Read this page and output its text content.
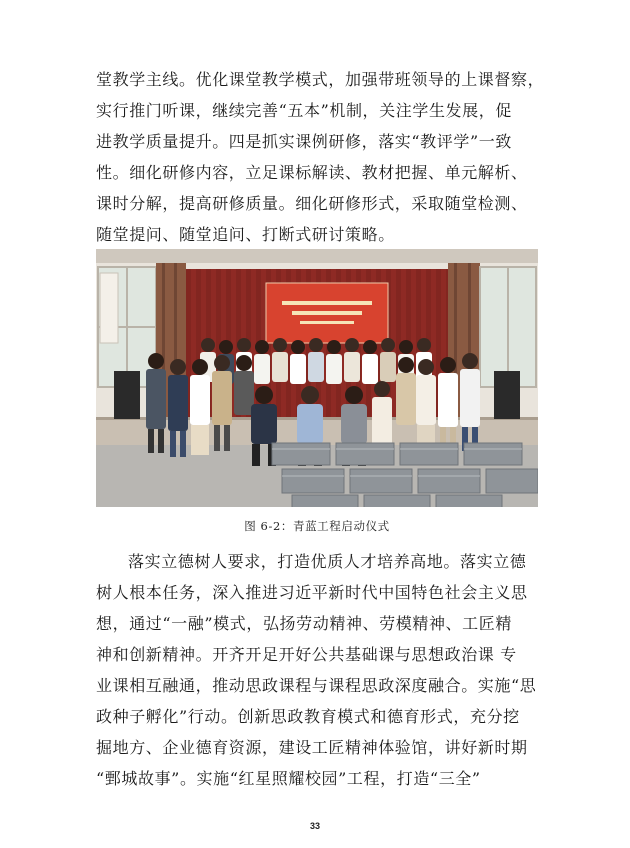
堂教学主线。优化课堂教学模式，加强带班领导的上课督察，
实行推门听课，继续完善“五本”机制，关注学生发展，促
进教学质量提升。四是抓实课例研修，落实“教评学”一致
性。细化研修内容，立足课标解读、教材把握、单元解析、
课时分解，提高研修质量。细化研修形式，采取随堂检测、
随堂提问、随堂追问、打断式研讨策略。
图 6-2：青蓝工程启动仪式
落实立德树人要求，打造优质人才培养高地。落实立德
树人根本任务，深入推进习近平新时代中国特色社会主义思
想，通过“一融”模式，弘扬劳动精神、劳模精神、工匠精
神和创新精神。开齐开足开好公共基础课与思想政治课 专
业课相互融通，推动思政课程与课程思政深度融合。实施“思
政种子孵化”行动。创新思政教育模式和德育形式，充分挖
掘地方、企业德育资源，建设工匠精神体验馆，讲好新时期
“鄄城故事”。实施“红星照耀校园”工程，打造“三全”
33
